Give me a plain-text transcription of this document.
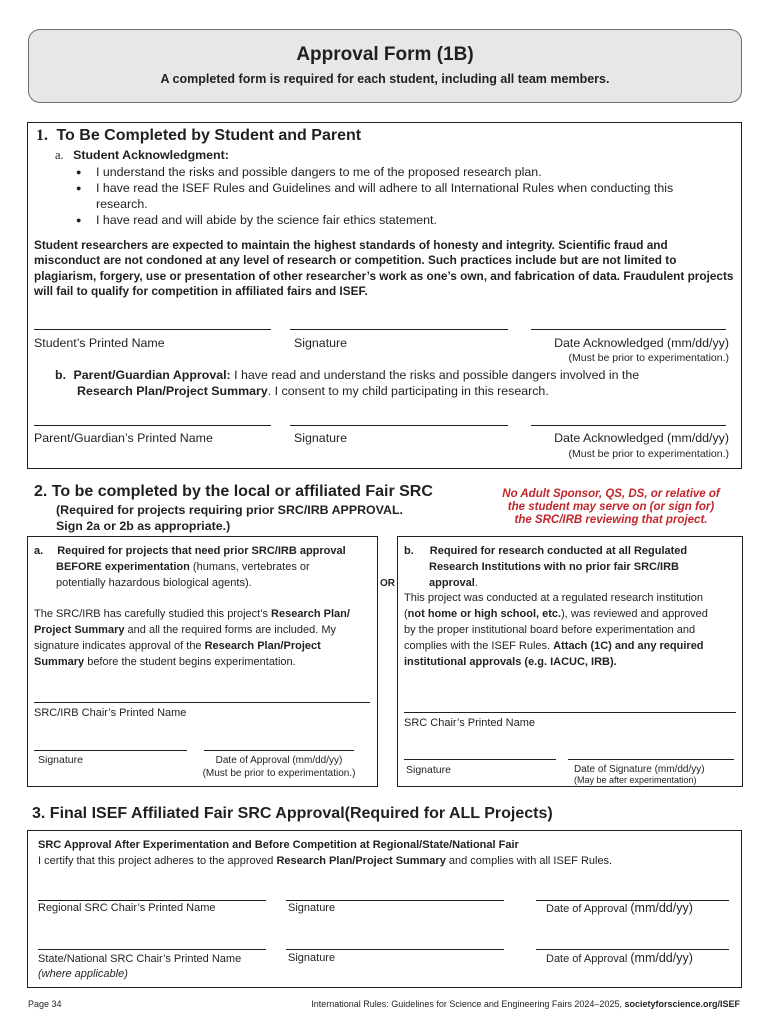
Approval Form (1B)
A completed form is required for each student, including all team members.
1. To Be Completed by Student and Parent
a. Student Acknowledgment:
● I understand the risks and possible dangers to me of the proposed research plan.
● I have read the ISEF Rules and Guidelines and will adhere to all International Rules when conducting this research.
● I have read and will abide by the science fair ethics statement.
Student researchers are expected to maintain the highest standards of honesty and integrity. Scientific fraud and misconduct are not condoned at any level of research or competition. Such practices include but are not limited to plagiarism, forgery, use or presentation of other researcher’s work as one’s own, and fabrication of data. Fraudulent projects will fail to qualify for competition in affiliated fairs and ISEF.
Student’s Printed Name	Signature	Date Acknowledged (mm/dd/yy)
(Must be prior to experimentation.)
b. Parent/Guardian Approval: I have read and understand the risks and possible dangers involved in the
Research Plan/Project Summary. I consent to my child participating in this research.
Parent/Guardian’s Printed Name	Signature	Date Acknowledged (mm/dd/yy)
(Must be prior to experimentation.)
2. To be completed by the local or affiliated Fair SRC
(Required for projects requiring prior SRC/IRB APPROVAL.
Sign 2a or 2b as appropriate.)
No Adult Sponsor, QS, DS, or relative of
the student may serve on (or sign for)
the SRC/IRB reviewing that project.
a. Required for projects that need prior SRC/IRB approval
BEFORE experimentation (humans, vertebrates or
potentially hazardous biological agents).
The SRC/IRB has carefully studied this project’s Research Plan/
Project Summary and all the required forms are included. My
signature indicates approval of the Research Plan/Project
Summary before the student begins experimentation.
SRC/IRB Chair’s Printed Name
Signature	Date of Approval (mm/dd/yy)
(Must be prior to experimentation.)
OR
b. Required for research conducted at all Regulated
Research Institutions with no prior fair SRC/IRB
approval.
This project was conducted at a regulated research institution
(not home or high school, etc.), was reviewed and approved
by the proper institutional board before experimentation and
complies with the ISEF Rules. Attach (1C) and any required
institutional approvals (e.g. IACUC, IRB).
SRC Chair’s Printed Name
Signature	Date of Signature (mm/dd/yy)
(May be after experimentation)
3. Final ISEF Affiliated Fair SRC Approval(Required for ALL Projects)
SRC Approval After Experimentation and Before Competition at Regional/State/National Fair
I certify that this project adheres to the approved Research Plan/Project Summary and complies with all ISEF Rules.
Regional SRC Chair’s Printed Name	Signature	Date of Approval (mm/dd/yy)
State/National SRC Chair’s Printed Name
(where applicable)
Signature	Date of Approval (mm/dd/yy)
Page 34	International Rules: Guidelines for Science and Engineering Fairs 2024–2025, societyforscience.org/ISEF
